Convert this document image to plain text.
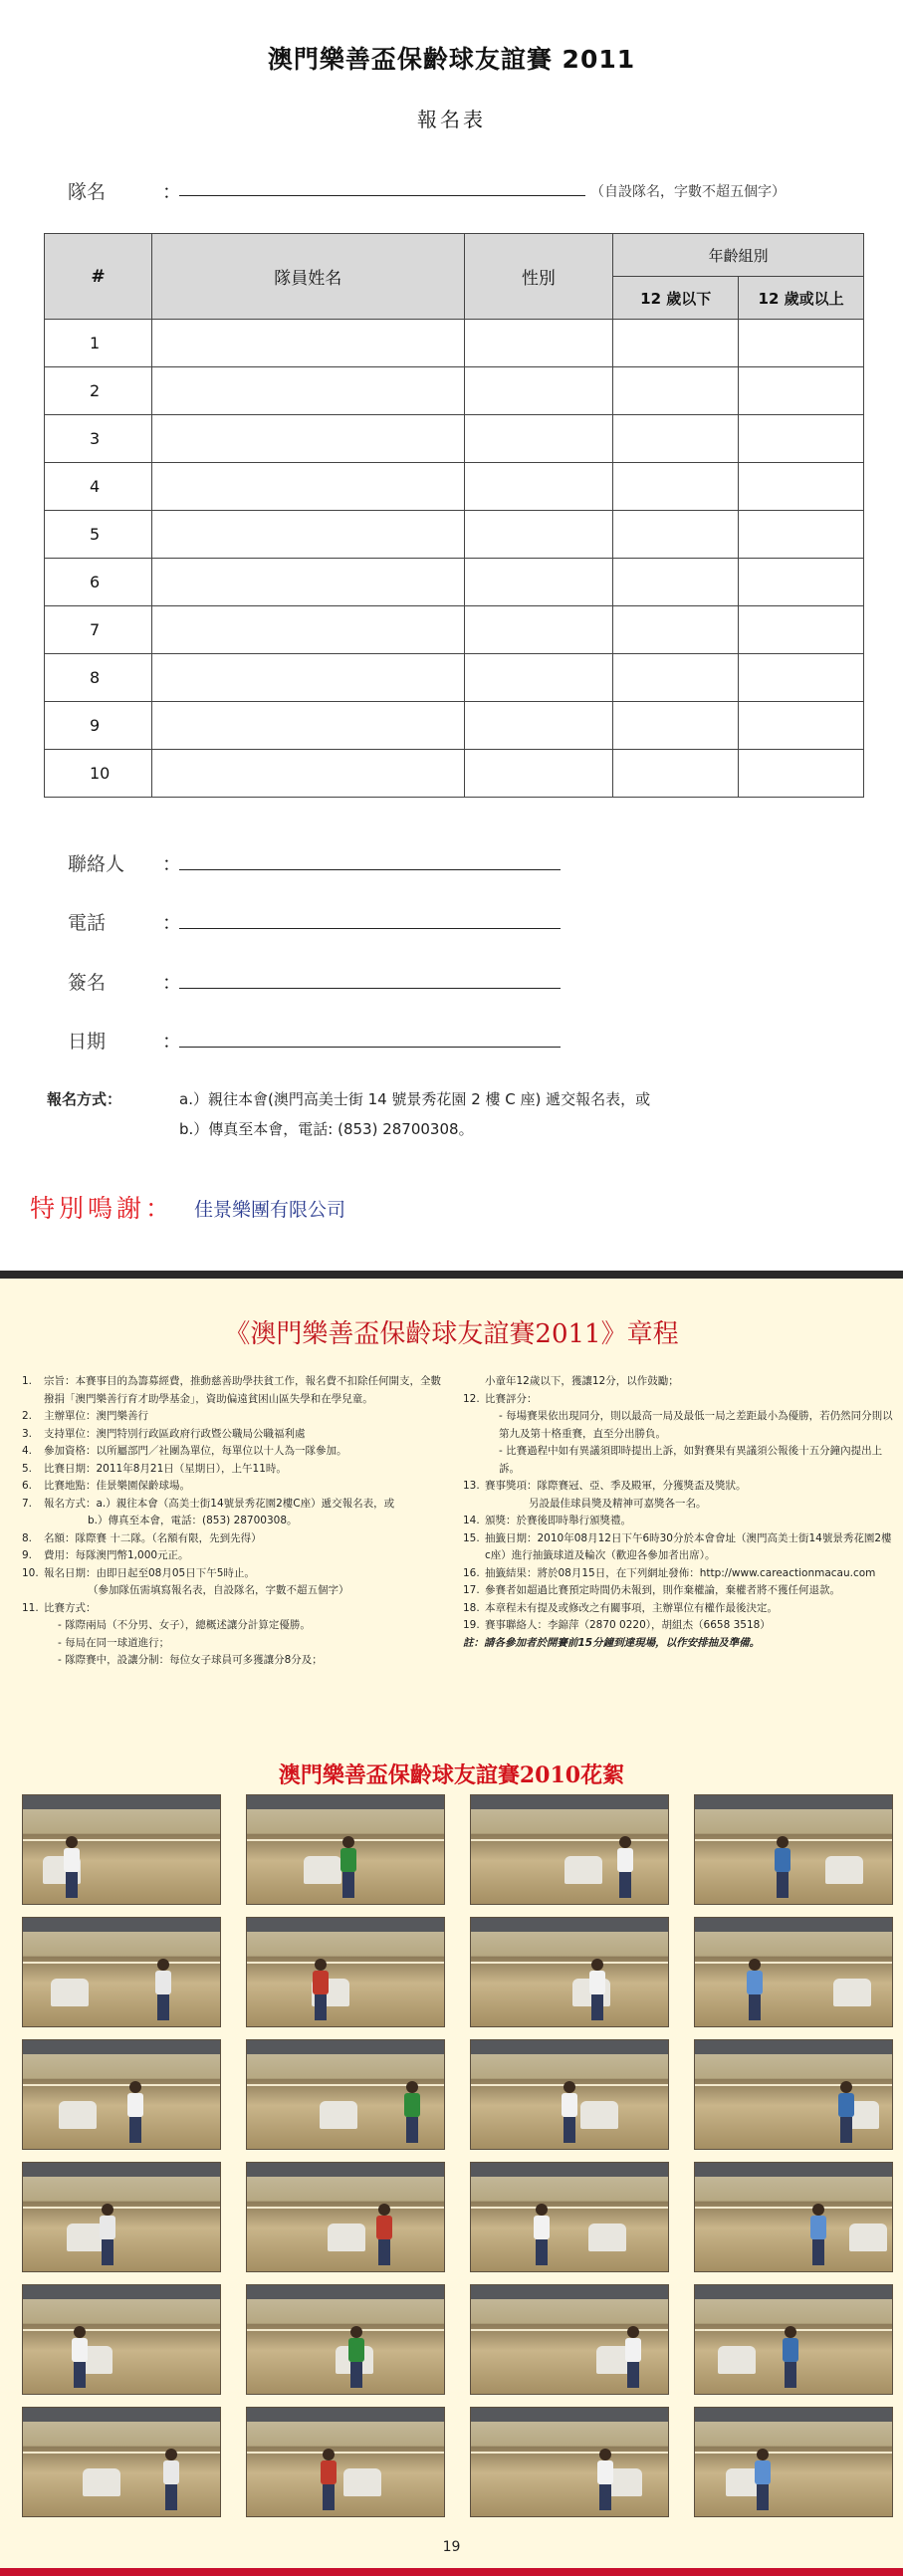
澳門樂善盃保齡球友誼賽 2011
報名表
隊名	：	（自設隊名，字數不超五個字）
#	隊員姓名	性別	年齡組別	
			12 歲以下	12 歲或以上
1				
2				
3				
4				
5				
6				
7				
8				
9				
10				
聯絡人 ：
電話	：
簽名	：
日期	：
報名方式：	a.）親往本會(澳門高美士街 14 號景秀花園 2 樓 C 座) 遞交報名表，或
b.）傳真至本會，電話: (853) 28700308。
特別鳴謝： 佳景樂團有限公司
《澳門樂善盃保齡球友誼賽2011》章程
1. 宗旨：本賽事目的為籌募經費，推動慈善助學扶貧工作，報名費不扣除任何開支，全數撥捐「澳門樂善行育才助學基金」，資助偏遠貧困山區失學和在學兒童。
2. 主辦單位：澳門樂善行
3. 支持單位：澳門特別行政區政府行政暨公職局公職福利處
4. 參加資格：以所屬部門／社團為單位，每單位以十人為一隊參加。
5. 比賽日期：2011年8月21日（星期日），上午11時。
6. 比賽地點：佳景樂園保齡球場。
7. 報名方式：a.）親往本會（高美士街14號景秀花園2樓C座）遞交報名表，或
b.）傳真至本會，電話：(853) 28700308。
8. 名額：隊際賽 十二隊。（名額有限，先到先得）
9. 費用：每隊澳門幣1,000元正。
10. 報名日期：由即日起至08月05日下午5時止。
（參加隊伍需填寫報名表，自設隊名，字數不超五個字）
11. 比賽方式：
- 隊際兩局（不分男、女子），總概述讓分計算定優勝。
- 每局在同一球道進行；
- 隊際賽中，設讓分制：每位女子球員可多獲讓分8分及；
小童年12歲以下，獲讓12分，以作鼓勵；
12. 比賽評分：
- 每場賽果依出現同分，則以最高一局及最低一局之差距最小為優勝，若仍然同分則以第九及第十格重賽，直至分出勝負。
- 比賽過程中如有異議須即時提出上訴，如對賽果有異議須公報後十五分鐘內提出上訴。
13. 賽事獎項：隊際賽冠、亞、季及殿軍，分獲獎盃及獎狀。
另設最佳球員獎及精神可嘉獎各一名。
14. 頒獎：於賽後即時舉行頒獎禮。
15. 抽籤日期：2010年08月12日下午6時30分於本會會址（澳門高美士街14號景秀花園2樓c座）進行抽籤球道及輪次（歡迎各參加者出席）。
16. 抽籤結果：將於08月15日，在下列網址發佈：http://www.careactionmacau.com
17. 參賽者如超過比賽預定時間仍未報到，則作棄權論，棄權者將不獲任何退款。
18. 本章程未有提及或修改之有關事項，主辦單位有權作最後決定。
19. 賽事聯絡人：李錦萍（2870 0220），胡組杰（6658 3518）
註：請各參加者於開賽前15分鐘到達現場，以作安排抽及準備。
澳門樂善盃保齡球友誼賽2010花絮
19
